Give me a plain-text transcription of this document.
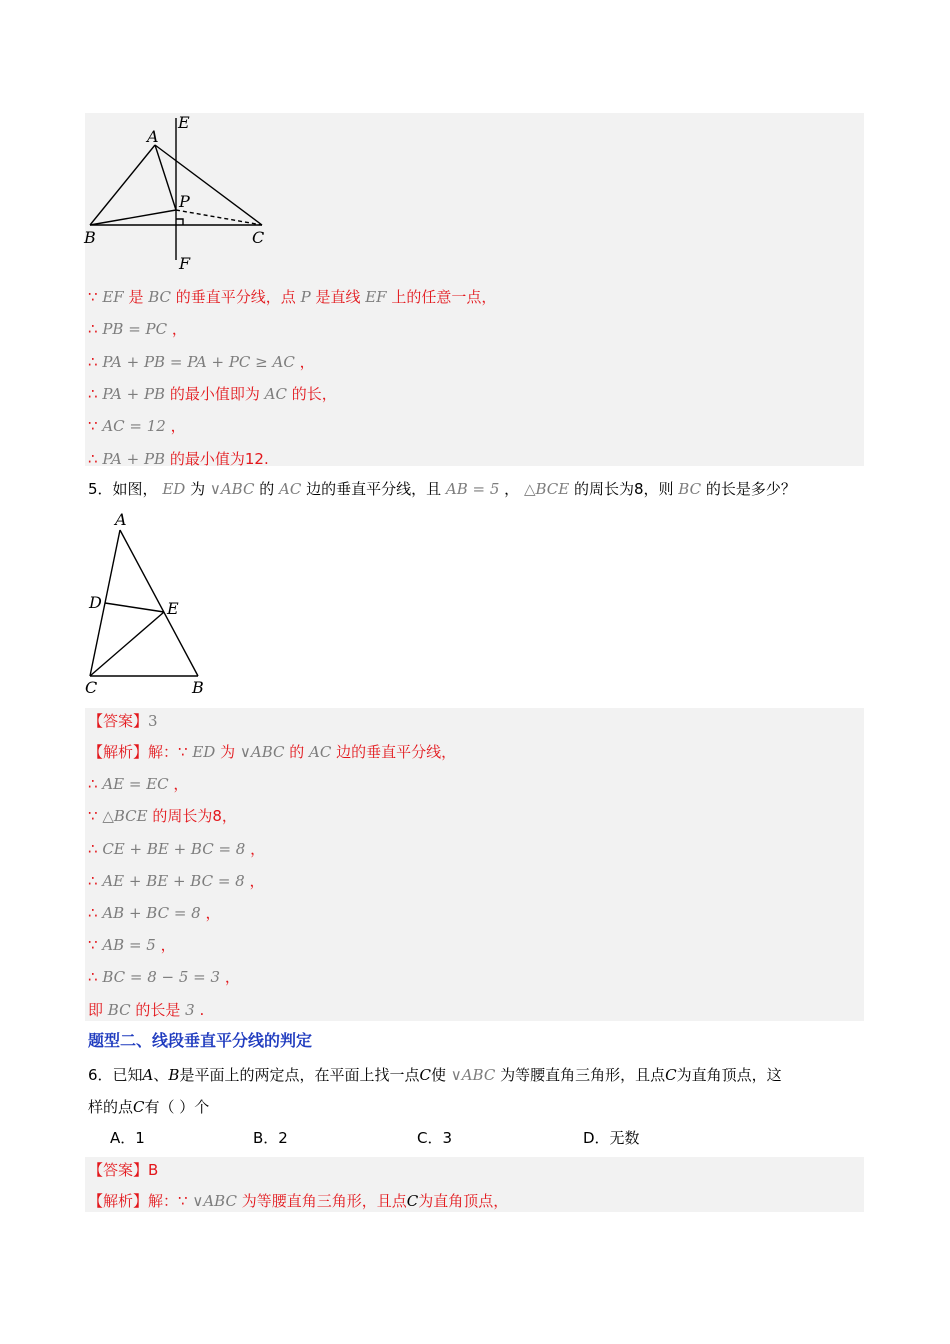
A
E
P
B	C
F
∵ EF 是 BC 的垂直平分线，点 P 是直线 EF 上的任意一点，
∴ PB = PC ，
∴ PA + PB = PA + PC ≥ AC ，
∴ PA + PB 的最小值即为 AC 的长，
∵ AC = 12 ，
∴ PA + PB 的最小值为12.
5．如图， ED 为 ∨ABC 的 AC 边的垂直平分线，且 AB = 5 ， △BCE 的周长为8，则 BC 的长是多少？
A
D	E
C	B
【答案】3
【解析】解：∵ ED 为 ∨ABC 的 AC 边的垂直平分线，
∴ AE = EC ，
∵ △BCE 的周长为8，
∴ CE + BE + BC = 8 ，
∴ AE + BE + BC = 8 ，
∴ AB + BC = 8 ，
∵ AB = 5 ，
∴ BC = 8 − 5 = 3 ，
即 BC 的长是 3 .
题型二、线段垂直平分线的判定
6．已知A、B是平面上的两定点，在平面上找一点C使 ∨ABC 为等腰直角三角形，且点C为直角顶点，这
样的点C有（ ）个
A．1	B．2	C．3	D．无数
【答案】B
【解析】解：∵ ∨ABC 为等腰直角三角形，且点C为直角顶点，
